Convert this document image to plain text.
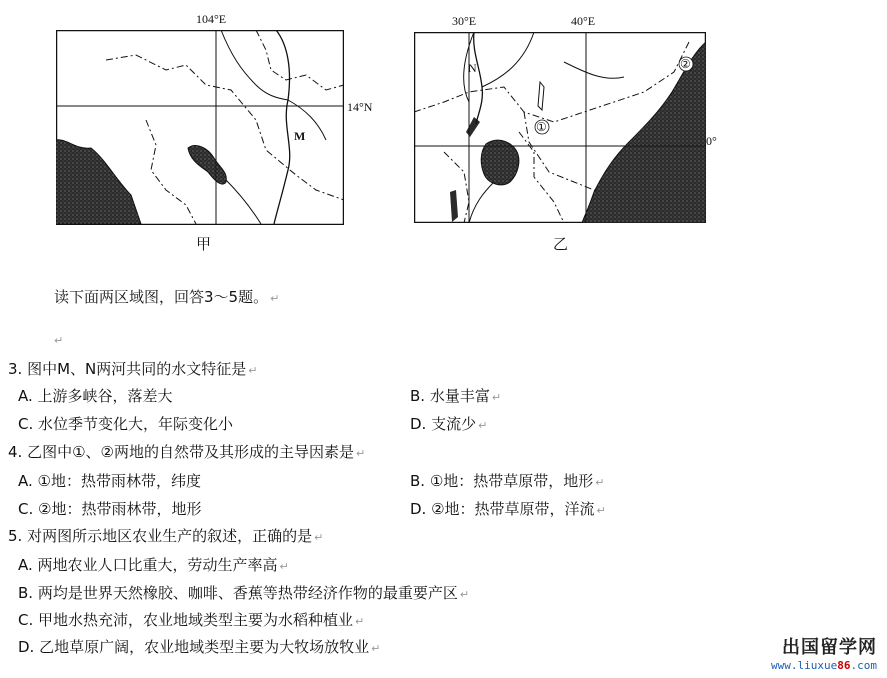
104°E
14°N
M
甲
30°E	40°E
0°
N
①
②
乙
读下面两区域图，回答3～5题。 ↵
↵
3. 图中M、N两河共同的水文特征是 ↵
A. 上游多峡谷，落差大	B. 水量丰富 ↵
C. 水位季节变化大，年际变化小	D. 支流少 ↵
4. 乙图中①、②两地的自然带及其形成的主导因素是 ↵
A. ①地：热带雨林带，纬度	B. ①地：热带草原带，地形 ↵
C. ②地：热带雨林带，地形	D. ②地：热带草原带，洋流 ↵
5. 对两图所示地区农业生产的叙述，正确的是 ↵
A. 两地农业人口比重大，劳动生产率高 ↵
B. 两均是世界天然橡胶、咖啡、香蕉等热带经济作物的最重要产区 ↵
C. 甲地水热充沛，农业地域类型主要为水稻种植业 ↵
D. 乙地草原广阔，农业地域类型主要为大牧场放牧业 ↵	出国留学网
www.liuxue86.com
